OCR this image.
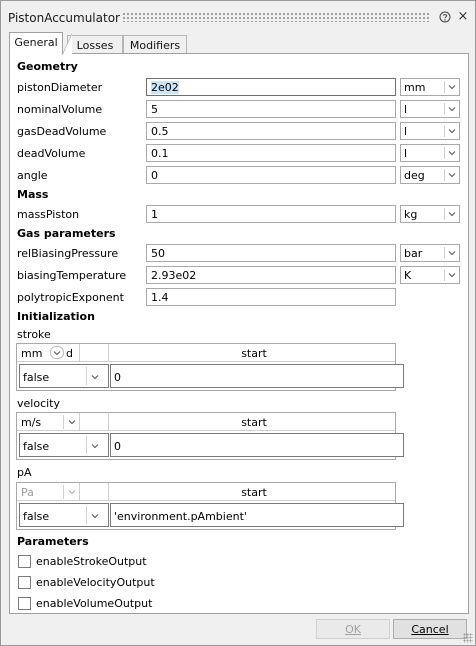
PistonAccumulator	×
General	Losses	Modifiers
Geometry
pistonDiameter	2e02	mm
nominalVolume	5	l
gasDeadVolume	0.5	l
deadVolume	0.1	l
angle	0	deg
Mass
massPiston	1	kg
Gas parameters
relBiasingPressure	50	bar
biasingTemperature	2.93e02	K
polytropicExponent	1.4
Initialization
stroke
mm d	start
false	0
velocity
m/s	start
false	0
pA
Pa	start
false	'environment.pAmbient'
Parameters
enableStrokeOutput
enableVelocityOutput
enableVolumeOutput
OK	Cancel
